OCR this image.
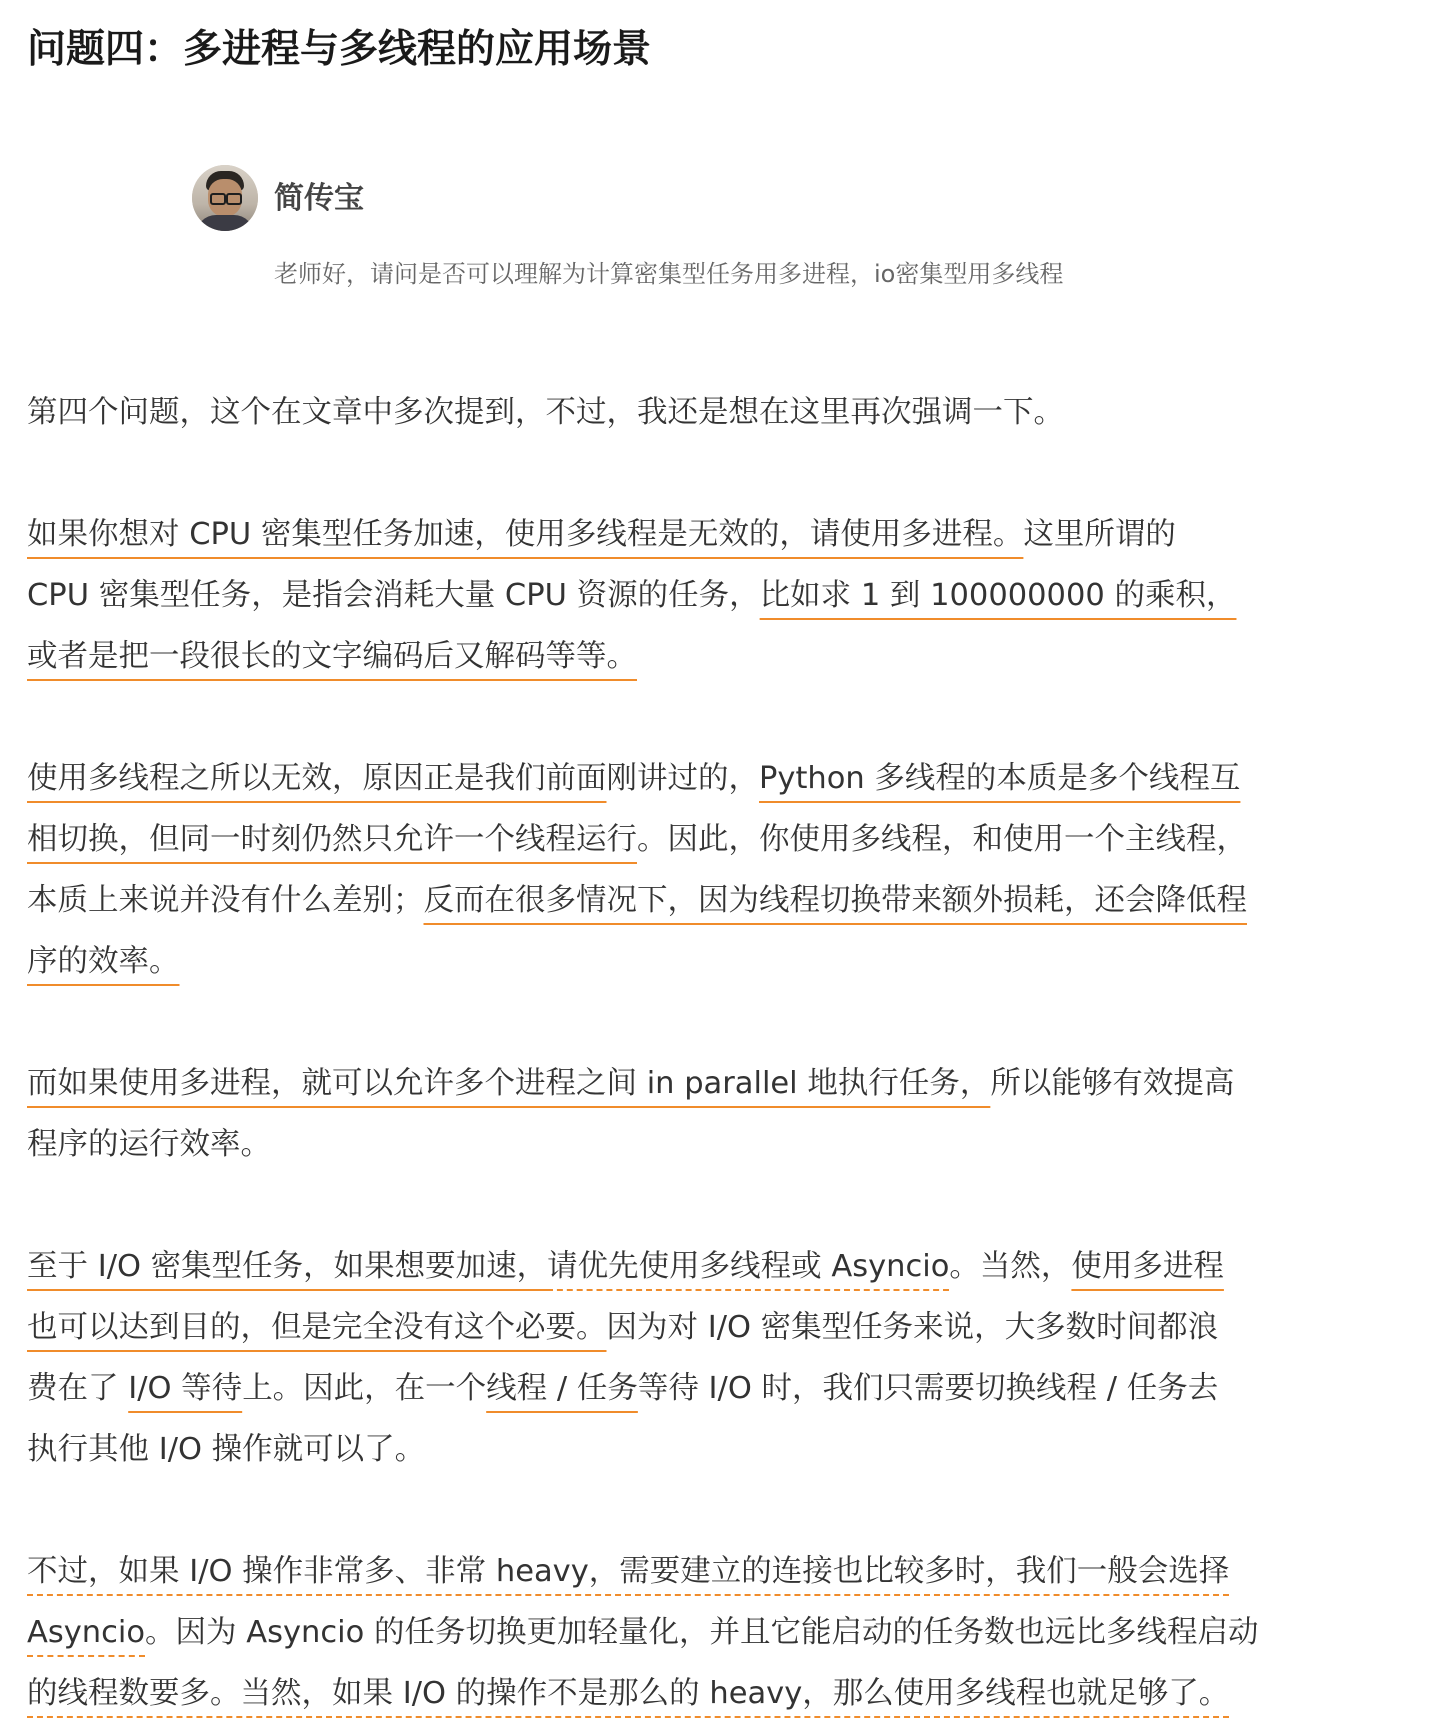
问题四：多进程与多线程的应用场景
简传宝
老师好，请问是否可以理解为计算密集型任务用多进程，io密集型用多线程

第四个问题，这个在文章中多次提到，不过，我还是想在这里再次强调一下。

如果你想对 CPU 密集型任务加速，使用多线程是无效的，请使用多进程。这里所谓的
CPU 密集型任务，是指会消耗大量 CPU 资源的任务，比如求 1 到 100000000 的乘积，
或者是把一段很长的文字编码后又解码等等。

使用多线程之所以无效，原因正是我们前面刚讲过的，Python 多线程的本质是多个线程互
相切换，但同一时刻仍然只允许一个线程运行。因此，你使用多线程，和使用一个主线程，
本质上来说并没有什么差别；反而在很多情况下，因为线程切换带来额外损耗，还会降低程
序的效率。

而如果使用多进程，就可以允许多个进程之间 in parallel 地执行任务，所以能够有效提高
程序的运行效率。

至于 I/O 密集型任务，如果想要加速，请优先使用多线程或 Asyncio。当然，使用多进程
也可以达到目的，但是完全没有这个必要。因为对 I/O 密集型任务来说，大多数时间都浪
费在了 I/O 等待上。因此，在一个线程 / 任务等待 I/O 时，我们只需要切换线程 / 任务去
执行其他 I/O 操作就可以了。

不过，如果 I/O 操作非常多、非常 heavy，需要建立的连接也比较多时，我们一般会选择
Asyncio。因为 Asyncio 的任务切换更加轻量化，并且它能启动的任务数也远比多线程启动
的线程数要多。当然，如果 I/O 的操作不是那么的 heavy，那么使用多线程也就足够了。
